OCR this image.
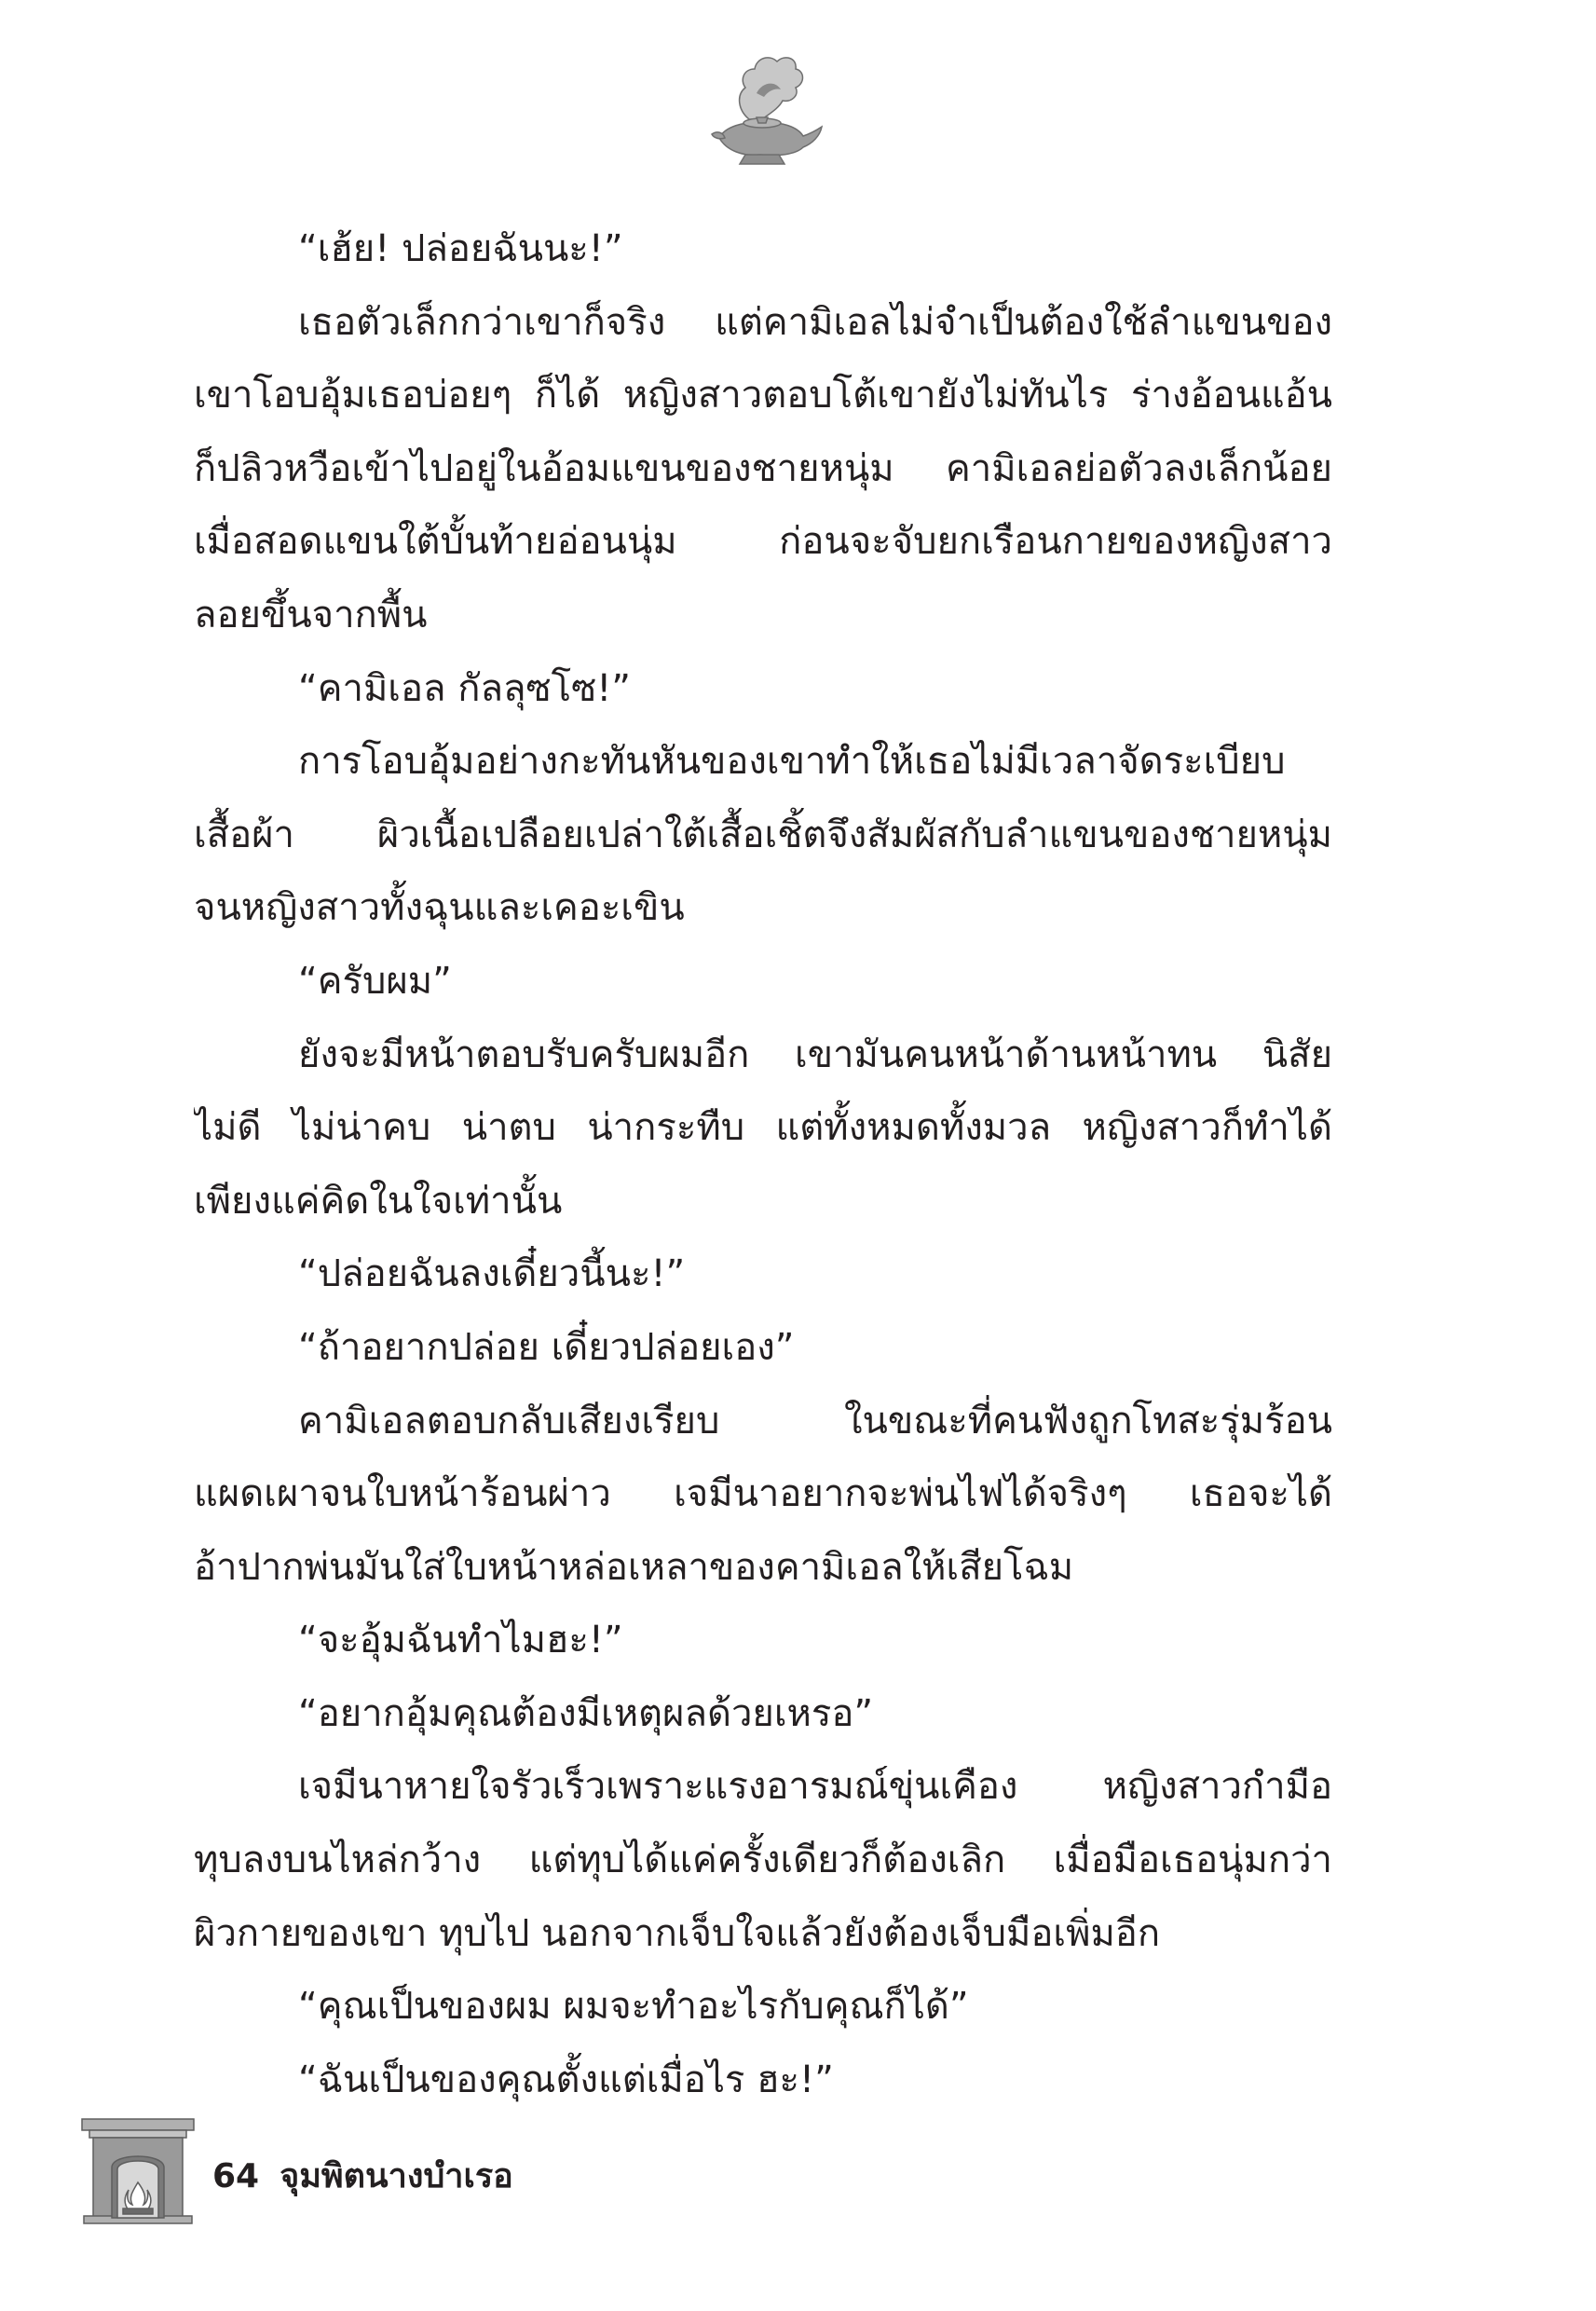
“เฮ้ย! ปล่อยฉันนะ!”
เธอตัวเล็กกว่าเขาก็จริง แต่คามิเอลไม่จำเป็นต้องใช้ลำแขนของ
เขาโอบอุ้มเธอบ่อยๆ ก็ได้ หญิงสาวตอบโต้เขายังไม่ทันไร ร่างอ้อนแอ้น
ก็ปลิวหวือเข้าไปอยู่ในอ้อมแขนของชายหนุ่ม คามิเอลย่อตัวลงเล็กน้อย
เมื่อสอดแขนใต้บั้นท้ายอ่อนนุ่ม ก่อนจะจับยกเรือนกายของหญิงสาว
ลอยขึ้นจากพื้น
“คามิเอล กัลลุซโซ!”
การโอบอุ้มอย่างกะทันหันของเขาทำให้เธอไม่มีเวลาจัดระเบียบ
เสื้อผ้า ผิวเนื้อเปลือยเปล่าใต้เสื้อเชิ้ตจึงสัมผัสกับลำแขนของชายหนุ่ม
จนหญิงสาวทั้งฉุนและเคอะเขิน
“ครับผม”
ยังจะมีหน้าตอบรับครับผมอีก เขามันคนหน้าด้านหน้าทน นิสัย
ไม่ดี ไม่น่าคบ น่าตบ น่ากระทืบ แต่ทั้งหมดทั้งมวล หญิงสาวก็ทำได้
เพียงแค่คิดในใจเท่านั้น
“ปล่อยฉันลงเดี๋ยวนี้นะ!”
“ถ้าอยากปล่อย เดี๋ยวปล่อยเอง”
คามิเอลตอบกลับเสียงเรียบ ในขณะที่คนฟังถูกโทสะรุ่มร้อน
แผดเผาจนใบหน้าร้อนผ่าว เจมีนาอยากจะพ่นไฟได้จริงๆ เธอจะได้
อ้าปากพ่นมันใส่ใบหน้าหล่อเหลาของคามิเอลให้เสียโฉม
“จะอุ้มฉันทำไมฮะ!”
“อยากอุ้มคุณต้องมีเหตุผลด้วยเหรอ”
เจมีนาหายใจรัวเร็วเพราะแรงอารมณ์ขุ่นเคือง หญิงสาวกำมือ
ทุบลงบนไหล่กว้าง แต่ทุบได้แค่ครั้งเดียวก็ต้องเลิก เมื่อมือเธอนุ่มกว่า
ผิวกายของเขา ทุบไป นอกจากเจ็บใจแล้วยังต้องเจ็บมือเพิ่มอีก
“คุณเป็นของผม ผมจะทำอะไรกับคุณก็ได้”
“ฉันเป็นของคุณตั้งแต่เมื่อไร ฮะ!”
64 จุมพิตนางบำเรอ
